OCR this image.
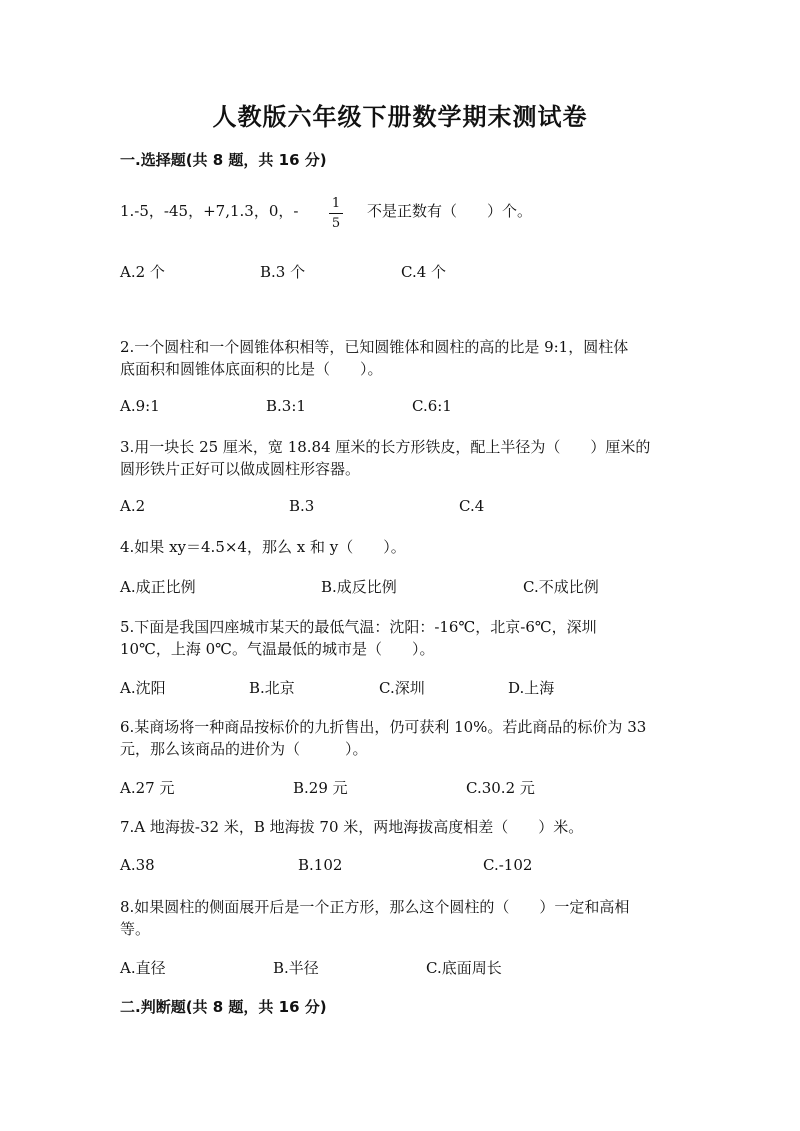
人教版六年级下册数学期末测试卷
一.选择题(共 8 题，共 16 分)
1.-5，-45，+7,1.3，0，-	1
5
不是正数有（　　）个。
A.2 个	B.3 个	C.4 个
2.一个圆柱和一个圆锥体积相等，已知圆锥体和圆柱的高的比是 9:1，圆柱体
底面积和圆锥体底面积的比是（　　）。
A.9:1	B.3:1	C.6:1
3.用一块长 25 厘米，宽 18.84 厘米的长方形铁皮，配上半径为（　　）厘米的
圆形铁片正好可以做成圆柱形容器。
A.2	B.3	C.4
4.如果 xy＝4.5×4，那么 x 和 y（　　）。
A.成正比例	B.成反比例	C.不成比例
5.下面是我国四座城市某天的最低气温：沈阳：-16℃，北京-6℃，深圳
10℃，上海 0℃。气温最低的城市是（　　）。
A.沈阳	B.北京	C.深圳	D.上海
6.某商场将一种商品按标价的九折售出，仍可获利 10%。若此商品的标价为 33
元，那么该商品的进价为（　　　）。
A.27 元	B.29 元	C.30.2 元
7.A 地海拔-32 米，B 地海拔 70 米，两地海拔高度相差（　　）米。
A.38	B.102	C.-102
8.如果圆柱的侧面展开后是一个正方形，那么这个圆柱的（　　）一定和高相
等。
A.直径	B.半径	C.底面周长
二.判断题(共 8 题，共 16 分)
